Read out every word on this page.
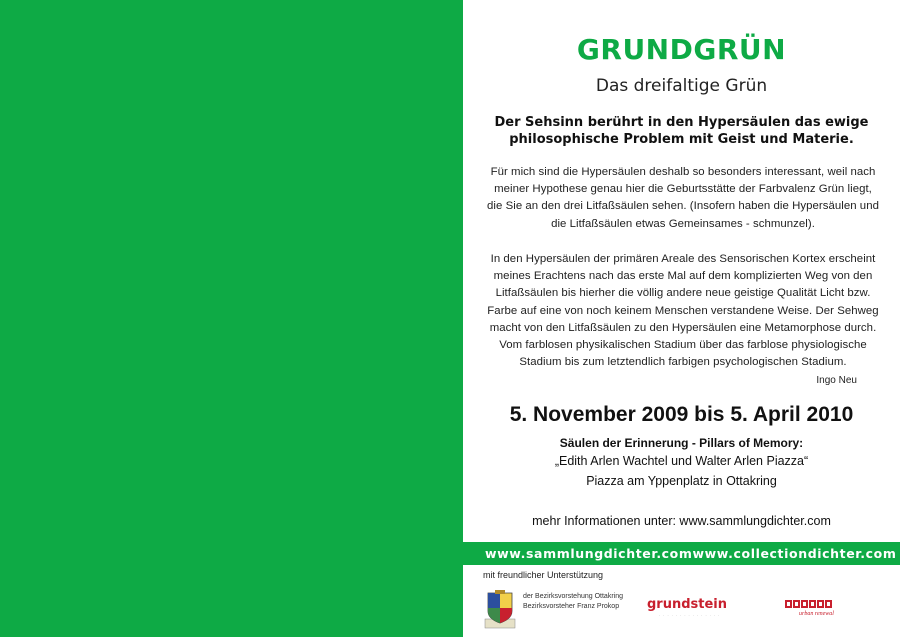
GRUNDGRÜN
Das dreifaltige Grün
Der Sehsinn berührt in den Hypersäulen das ewige
philosophische Problem mit Geist und Materie.
Für mich sind die Hypersäulen deshalb so besonders interessant, weil nach
meiner Hypothese genau hier die Geburtsstätte der Farbvalenz Grün liegt,
die Sie an den drei Litfaßsäulen sehen. (Insofern haben die Hypersäulen und
die Litfaßsäulen etwas Gemeinsames - schmunzel).
In den Hypersäulen der primären Areale des Sensorischen Kortex erscheint
meines Erachtens nach das erste Mal auf dem komplizierten Weg von den
Litfaßsäulen bis hierher die völlig andere neue geistige Qualität Licht bzw.
Farbe auf eine von noch keinem Menschen verstandene Weise. Der Sehweg
macht von den Litfaßsäulen zu den Hypersäulen eine Metamorphose durch.
Vom farblosen physikalischen Stadium über das farblose physiologische
Stadium bis zum letztendlich farbigen psychologischen Stadium.
Ingo Neu
5. November 2009 bis 5. April 2010
Säulen der Erinnerung - Pillars of Memory:
„Edith Arlen Wachtel und Walter Arlen Piazza“
Piazza am Yppenplatz in Ottakring
mehr Informationen unter: www.sammlungdichter.com
www.sammlungdichter.com www.collectiondichter.com
mit freundlicher Unterstützung
der Bezirksvorstehung Ottakring
Bezirksvorsteher Franz Prokop	grundstein
. . . . . . . . . . . . . . .	urban renewal
